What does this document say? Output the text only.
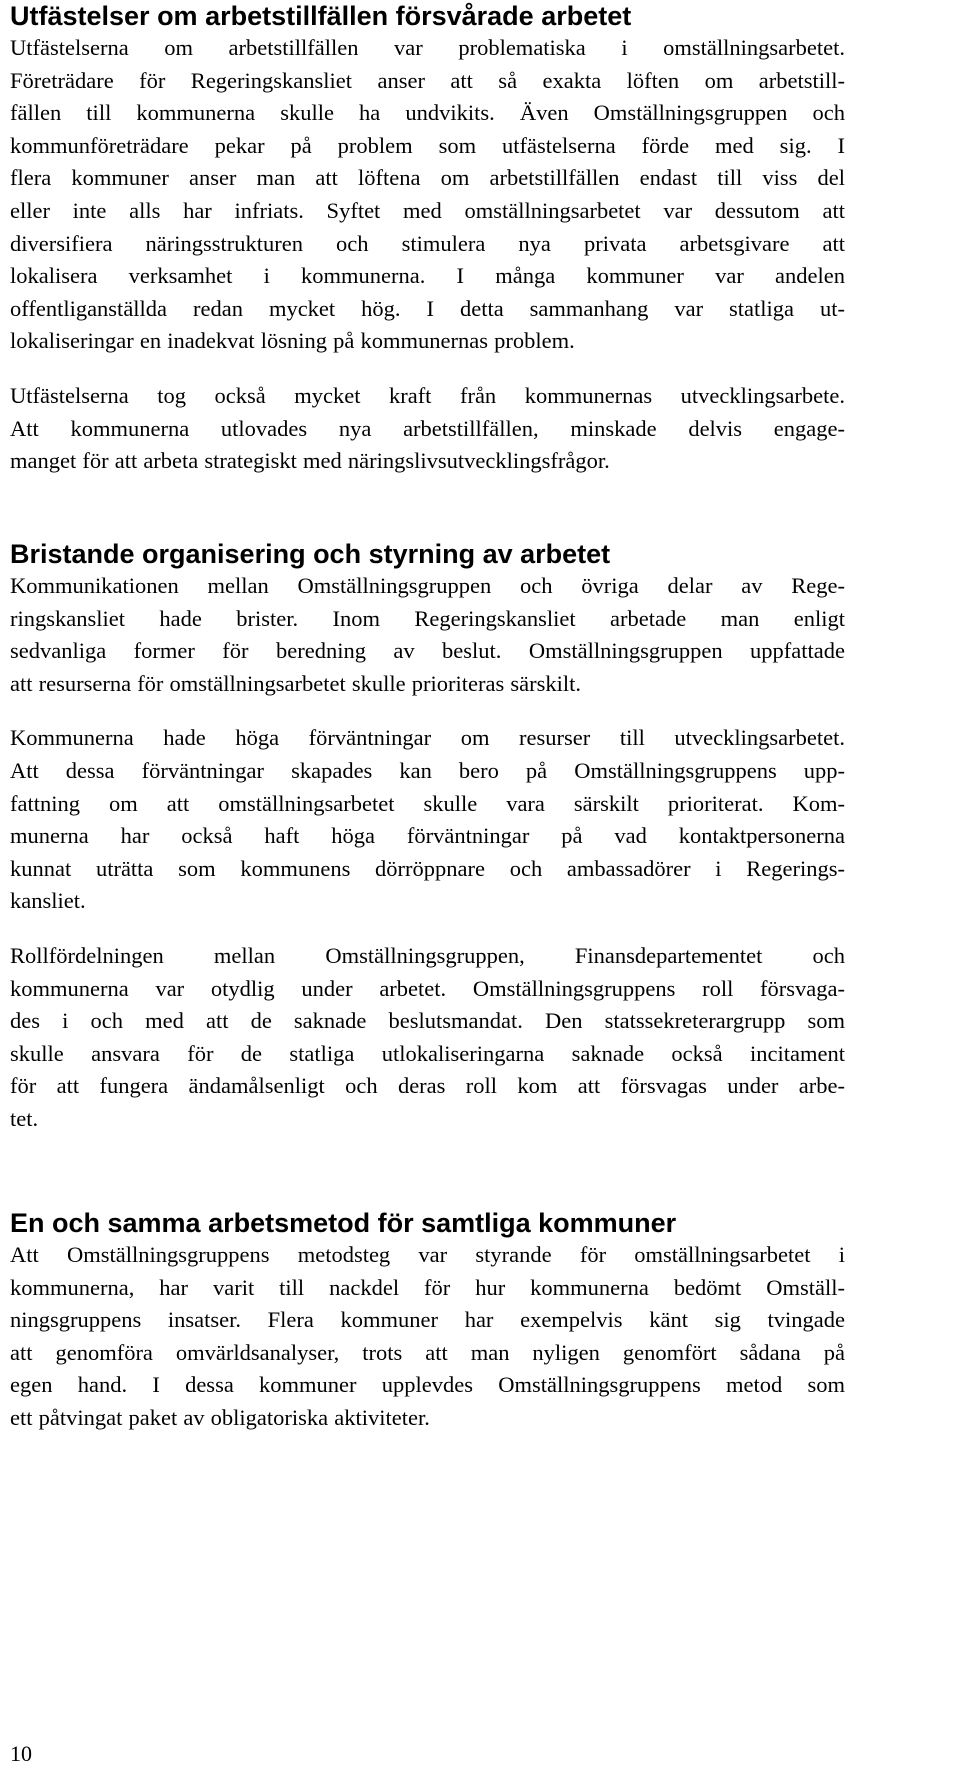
Utfästelser om arbetstillfällen försvårade arbetet

Utfästelserna om arbetstillfällen var problematiska i omställningsarbetet.
Företrädare för Regeringskansliet anser att så exakta löften om arbetstill-
fällen till kommunerna skulle ha undvikits. Även Omställningsgruppen och
kommunföreträdare pekar på problem som utfästelserna förde med sig. I
flera kommuner anser man att löftena om arbetstillfällen endast till viss del
eller inte alls har infriats. Syftet med omställningsarbetet var dessutom att
diversifiera näringsstrukturen och stimulera nya privata arbetsgivare att
lokalisera verksamhet i kommunerna. I många kommuner var andelen
offentliganställda redan mycket hög. I detta sammanhang var statliga ut-
lokaliseringar en inadekvat lösning på kommunernas problem.

Utfästelserna tog också mycket kraft från kommunernas utvecklingsarbete.
Att kommunerna utlovades nya arbetstillfällen, minskade delvis engage-
manget för att arbeta strategiskt med näringslivsutvecklingsfrågor.

Bristande organisering och styrning av arbetet

Kommunikationen mellan Omställningsgruppen och övriga delar av Rege-
ringskansliet hade brister. Inom Regeringskansliet arbetade man enligt
sedvanliga former för beredning av beslut. Omställningsgruppen uppfattade
att resurserna för omställningsarbetet skulle prioriteras särskilt.

Kommunerna hade höga förväntningar om resurser till utvecklingsarbetet.
Att dessa förväntningar skapades kan bero på Omställningsgruppens upp-
fattning om att omställningsarbetet skulle vara särskilt prioriterat. Kom-
munerna har också haft höga förväntningar på vad kontaktpersonerna
kunnat uträtta som kommunens dörröppnare och ambassadörer i Regerings-
kansliet.

Rollfördelningen mellan Omställningsgruppen, Finansdepartementet och
kommunerna var otydlig under arbetet. Omställningsgruppens roll försvaga-
des i och med att de saknade beslutsmandat. Den statssekreterargrupp som
skulle ansvara för de statliga utlokaliseringarna saknade också incitament
för att fungera ändamålsenligt och deras roll kom att försvagas under arbe-
tet.

En och samma arbetsmetod för samtliga kommuner

Att Omställningsgruppens metodsteg var styrande för omställningsarbetet i
kommunerna, har varit till nackdel för hur kommunerna bedömt Omställ-
ningsgruppens insatser. Flera kommuner har exempelvis känt sig tvingade
att genomföra omvärldsanalyser, trots att man nyligen genomfört sådana på
egen hand. I dessa kommuner upplevdes Omställningsgruppens metod som
ett påtvingat paket av obligatoriska aktiviteter.

10
